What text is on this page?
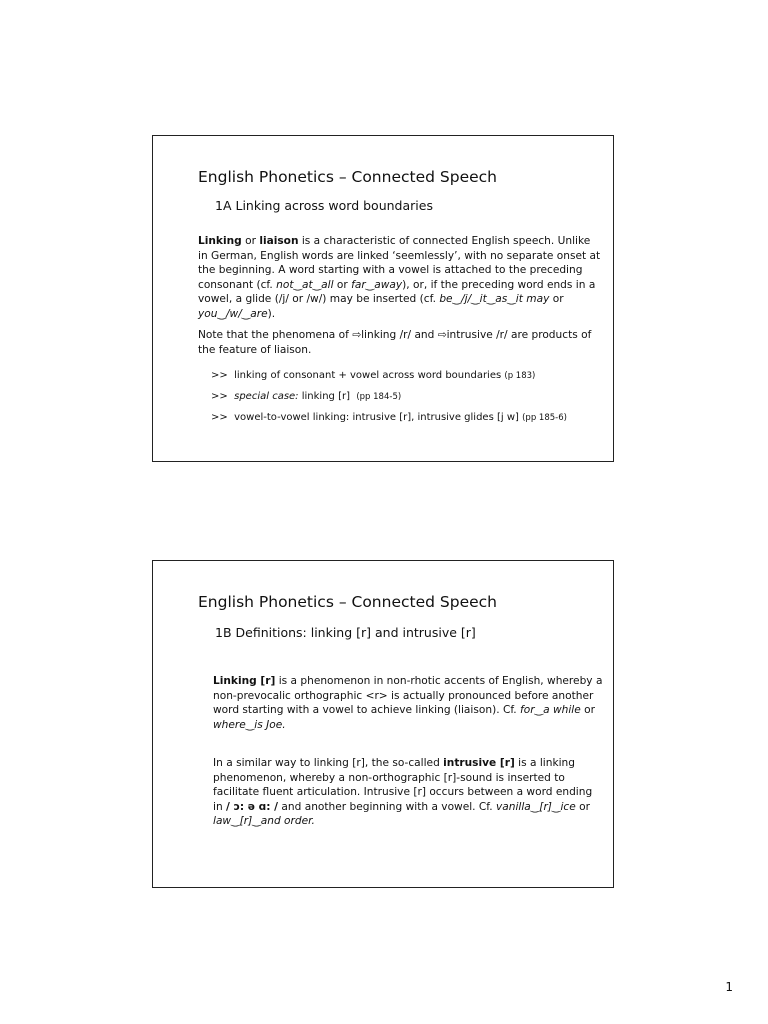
English Phonetics – Connected Speech
1A Linking across word boundaries
Linking or liaison is a characteristic of connected English speech. Unlike in German, English words are linked ‘seemlessly’, with no separate onset at the beginning. A word starting with a vowel is attached to the preceding consonant (cf. not‿at‿all or far‿away), or, if the preceding word ends in a vowel, a glide (/j/ or /w/) may be inserted (cf. be‿/j/‿it‿as‿it may or you‿/w/‿are).
Note that the phenomena of ⇨linking /r/ and ⇨intrusive /r/ are products of the feature of liaison.
>> linking of consonant + vowel across word boundaries (p 183)
>> special case: linking [r] (pp 184-5)
>> vowel-to-vowel linking: intrusive [r], intrusive glides [j w] (pp 185-6)
English Phonetics – Connected Speech
1B Definitions: linking [r] and intrusive [r]
Linking [r] is a phenomenon in non-rhotic accents of English, whereby a non-prevocalic orthographic <r> is actually pronounced before another word starting with a vowel to achieve linking (liaison). Cf. for‿a while or where‿is Joe.
In a similar way to linking [r], the so-called intrusive [r] is a linking phenomenon, whereby a non-orthographic [r]-sound is inserted to facilitate fluent articulation. Intrusive [r] occurs between a word ending in / ɔ: ə ɑ: / and another beginning with a vowel. Cf. vanilla‿[r]‿ice or law‿[r]‿and order.
1
